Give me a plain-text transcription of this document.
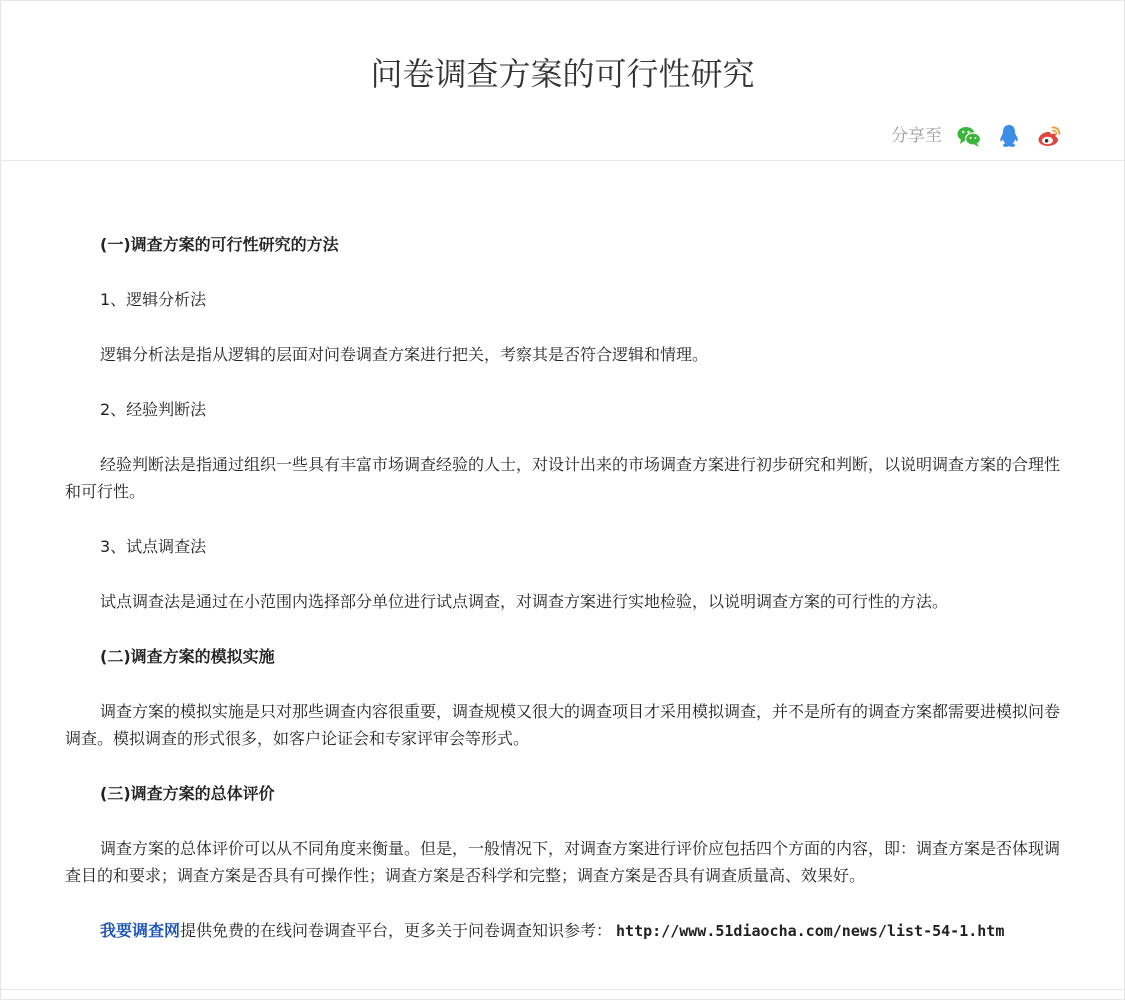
问卷调查方案的可行性研究
分享至

(一)调查方案的可行性研究的方法

1、逻辑分析法

逻辑分析法是指从逻辑的层面对问卷调查方案进行把关，考察其是否符合逻辑和情理。

2、经验判断法

经验判断法是指通过组织一些具有丰富市场调查经验的人士，对设计出来的市场调查方案进行初步研究和判断，以说明调查方案的合理性和可行性。

3、试点调查法

试点调查法是通过在小范围内选择部分单位进行试点调查，对调查方案进行实地检验，以说明调查方案的可行性的方法。

(二)调查方案的模拟实施

调查方案的模拟实施是只对那些调查内容很重要，调查规模又很大的调查项目才采用模拟调查，并不是所有的调查方案都需要进模拟问卷调查。模拟调查的形式很多，如客户论证会和专家评审会等形式。

(三)调查方案的总体评价

调查方案的总体评价可以从不同角度来衡量。但是，一般情况下，对调查方案进行评价应包括四个方面的内容，即：调查方案是否体现调查目的和要求；调查方案是否具有可操作性；调查方案是否科学和完整；调查方案是否具有调查质量高、效果好。

我要调查网提供免费的在线问卷调查平台，更多关于问卷调查知识参考： http://www.51diaocha.com/news/list-54-1.htm
